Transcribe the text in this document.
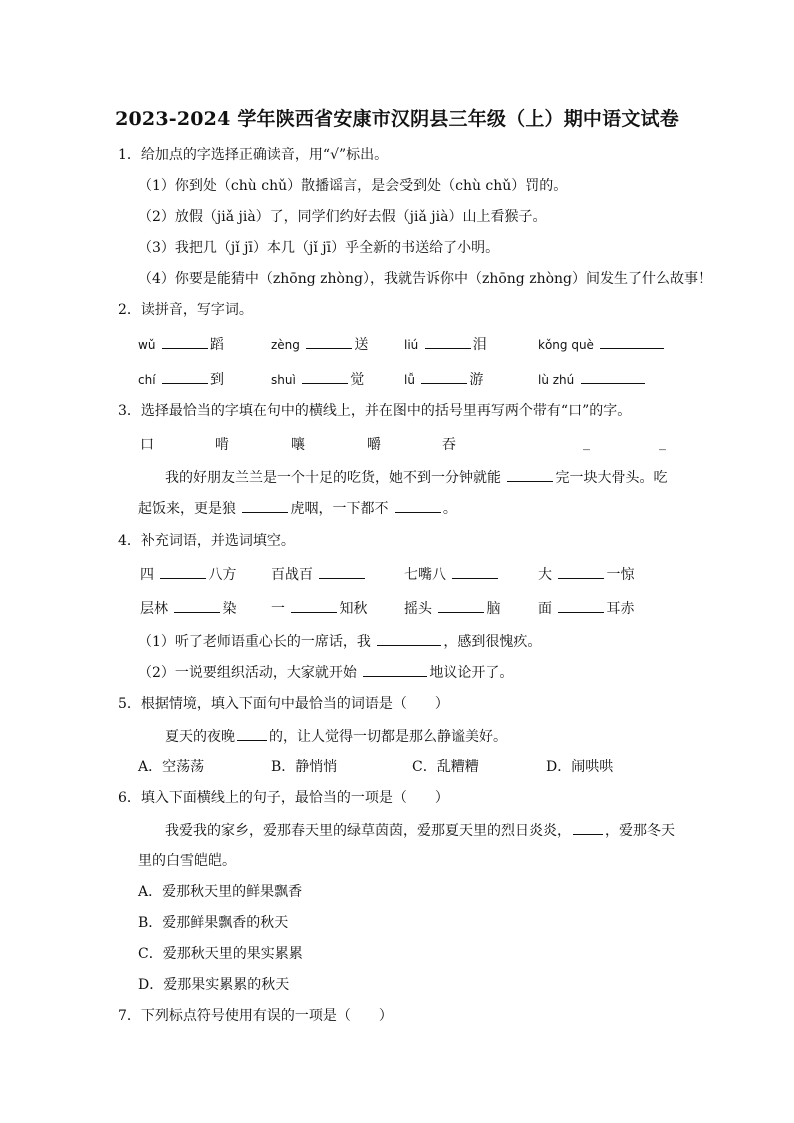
2023-2024 学年陕西省安康市汉阴县三年级（上）期中语文试卷
1．给加点的字选择正确读音，用“√”标出。
（1）你到处（chù chǔ）散播谣言，是会受到处（chù chǔ）罚的。
（2）放假（jiǎ jià）了，同学们约好去假（jiǎ jià）山上看猴子。
（3）我把几（jǐ jī）本几（jǐ jī）乎全新的书送给了小明。
（4）你要是能猜中（zhōng zhòng），我就告诉你中（zhōng zhòng）间发生了什么故事！
2．读拼音，写字词。
wǔ	蹈	zèng	送	liú	泪	kǒng què
chí	到	shuì	觉	lǚ	游	lù zhú
3．选择最恰当的字填在句中的横线上，并在图中的括号里再写两个带有“口”的字。
口	啃	嚷	嚼	吞	_	_
我的好朋友兰兰是一个十足的吃货，她不到一分钟就能	完一块大骨头。吃
起饭来，更是狼	虎咽，一下都不	。
4．补充词语，并选词填空。
四	八方 百战百	七嘴八	大	一惊
层林	染 一	知秋	摇头	脑	面	耳赤
（1）听了老师语重心长的一席话，我	，感到很愧疚。
（2）一说要组织活动，大家就开始	地议论开了。
5．根据情境，填入下面句中最恰当的词语是（　　）
夏天的夜晚 的，让人觉得一切都是那么静谧美好。
A．空荡荡	B．静悄悄	C．乱糟糟	D．闹哄哄
6．填入下面横线上的句子，最恰当的一项是（　　）
我爱我的家乡，爱那春天里的绿草茵茵，爱那夏天里的烈日炎炎， ，爱那冬天
里的白雪皑皑。
A．爱那秋天里的鲜果飘香
B．爱那鲜果飘香的秋天
C．爱那秋天里的果实累累
D．爱那果实累累的秋天
7．下列标点符号使用有误的一项是（　　）
